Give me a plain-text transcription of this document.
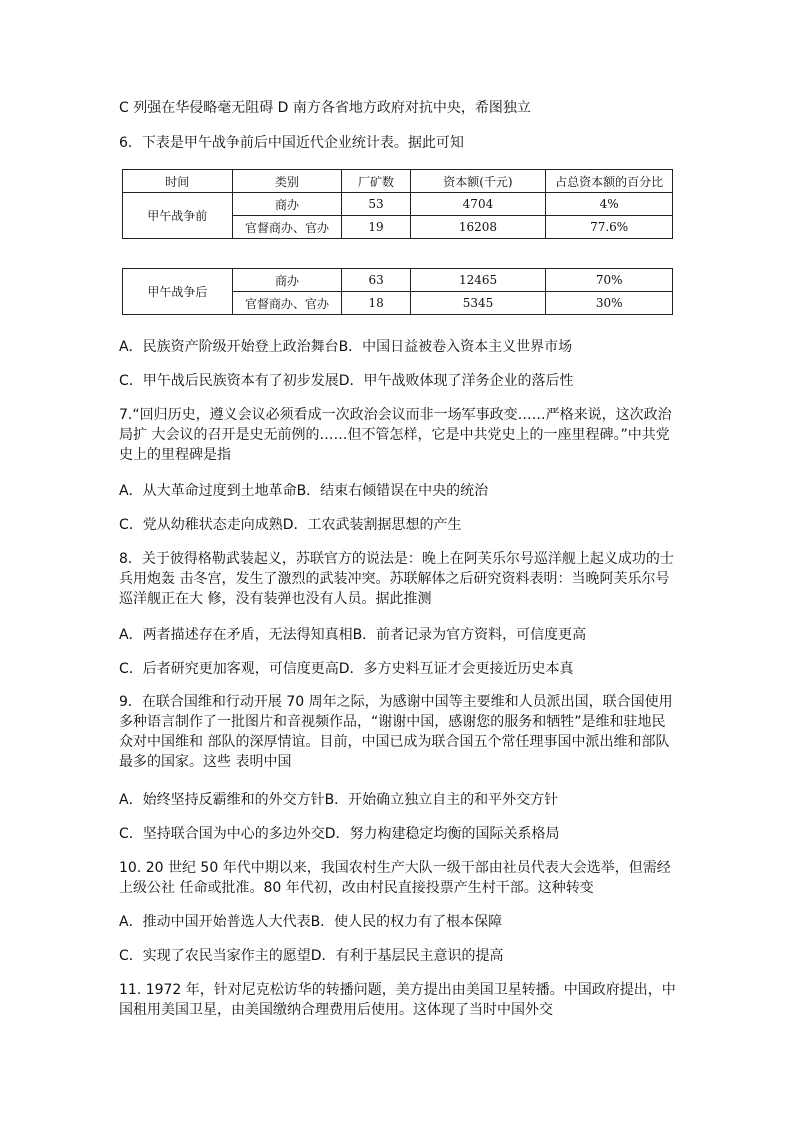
C 列强在华侵略毫无阻碍 D 南方各省地方政府对抗中央，希图独立
6．下表是甲午战争前后中国近代企业统计表。据此可知
时间	类别	厂矿数	资本额(千元)	占总资本额的百分比
甲午战争前	商办	53	4704	4%
	官督商办、官办	19	16208	77.6%
甲午战争后	商办	63	12465	70%
	官督商办、官办	18	5345	30%
A．民族资产阶级开始登上政治舞台B．中国日益被卷入资本主义世界市场
C．甲午战后民族资本有了初步发展D．甲午战败体现了洋务企业的落后性
7.“回归历史，遵义会议必须看成一次政治会议而非一场军事政变……严格来说，这次政治局扩 大会议的召开是史无前例的……但不管怎样，它是中共党史上的一座里程碑。”中共党史上的里程碑是指
A．从大革命过度到土地革命B．结束右倾错误在中央的统治
C．党从幼稚状态走向成熟D．工农武装割据思想的产生
8．关于彼得格勒武装起义，苏联官方的说法是：晚上在阿芙乐尔号巡洋舰上起义成功的士兵用炮轰 击冬宫，发生了激烈的武装冲突。苏联解体之后研究资料表明：当晚阿芙乐尔号巡洋舰正在大 修，没有装弹也没有人员。据此推测
A．两者描述存在矛盾，无法得知真相B．前者记录为官方资料，可信度更高
C．后者研究更加客观，可信度更高D．多方史料互证才会更接近历史本真
9．在联合国维和行动开展 70 周年之际，为感谢中国等主要维和人员派出国，联合国使用多种语言制作了一批图片和音视频作品，“谢谢中国，感谢您的服务和牺牲”是维和驻地民众对中国维和 部队的深厚情谊。目前，中国已成为联合国五个常任理事国中派出维和部队最多的国家。这些 表明中国
A．始终坚持反霸维和的外交方针B．开始确立独立自主的和平外交方针
C．坚持联合国为中心的多边外交D．努力构建稳定均衡的国际关系格局
10. 20 世纪 50 年代中期以来，我国农村生产大队一级干部由社员代表大会选举，但需经上级公社 任命或批准。80 年代初，改由村民直接投票产生村干部。这种转变
A．推动中国开始普选人大代表B．使人民的权力有了根本保障
C．实现了农民当家作主的愿望D．有利于基层民主意识的提高
11. 1972 年，针对尼克松访华的转播问题，美方提出由美国卫星转播。中国政府提出，中国租用美国卫星，由美国缴纳合理费用后使用。这体现了当时中国外交
